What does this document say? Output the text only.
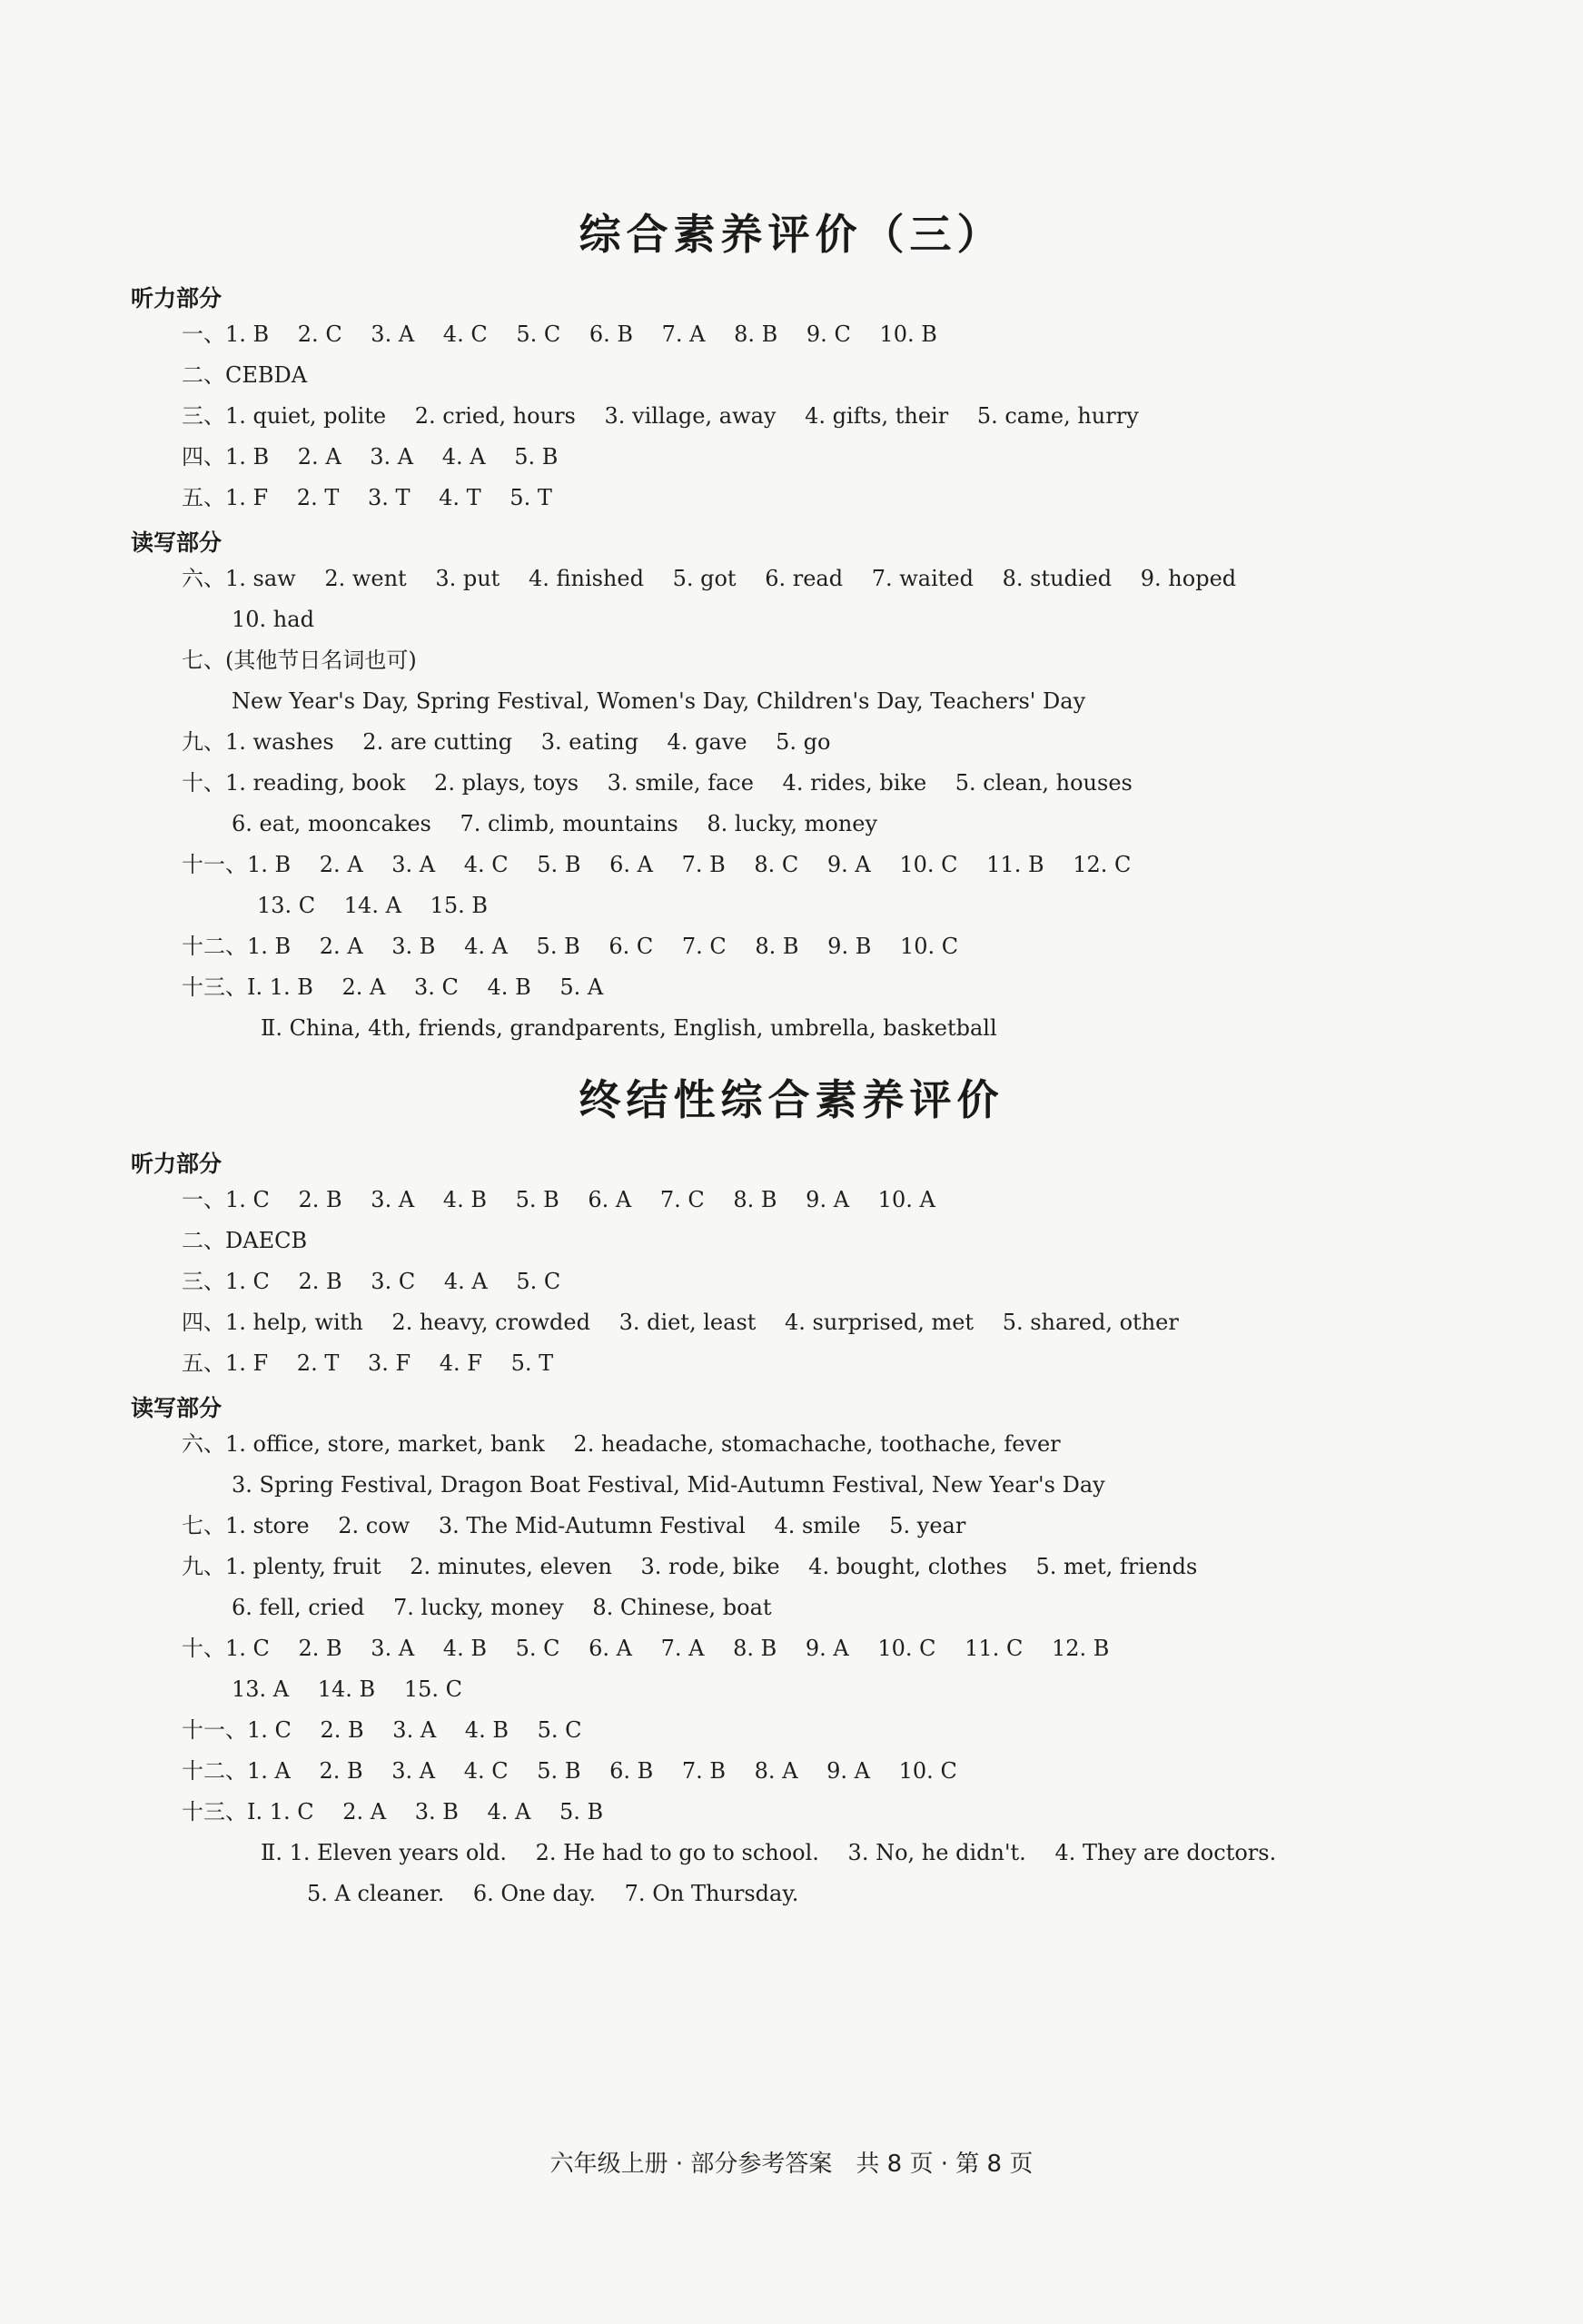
综合素养评价（三）
听力部分
一、1. B　 2. C　 3. A　 4. C　 5. C　 6. B　 7. A　 8. B　 9. C　 10. B
二、CEBDA
三、1. quiet, polite　 2. cried, hours　 3. village, away　 4. gifts, their　 5. came, hurry
四、1. B　 2. A　 3. A　 4. A　 5. B
五、1. F　 2. T　 3. T　 4. T　 5. T
读写部分
六、1. saw　 2. went　 3. put　 4. finished　 5. got　 6. read　 7. waited　 8. studied　 9. hoped
10. had
七、(其他节日名词也可)
New Year's Day, Spring Festival, Women's Day, Children's Day, Teachers' Day
九、1. washes　 2. are cutting　 3. eating　 4. gave　 5. go
十、1. reading, book　 2. plays, toys　 3. smile, face　 4. rides, bike　 5. clean, houses
6. eat, mooncakes　 7. climb, mountains　 8. lucky, money
十一、1. B　 2. A　 3. A　 4. C　 5. B　 6. A　 7. B　 8. C　 9. A　 10. C　 11. B　 12. C
13. C　 14. A　 15. B
十二、1. B　 2. A　 3. B　 4. A　 5. B　 6. C　 7. C　 8. B　 9. B　 10. C
十三、Ⅰ. 1. B　 2. A　 3. C　 4. B　 5. A
Ⅱ. China, 4th, friends, grandparents, English, umbrella, basketball
终结性综合素养评价
听力部分
一、1. C　 2. B　 3. A　 4. B　 5. B　 6. A　 7. C　 8. B　 9. A　 10. A
二、DAECB
三、1. C　 2. B　 3. C　 4. A　 5. C
四、1. help, with　 2. heavy, crowded　 3. diet, least　 4. surprised, met　 5. shared, other
五、1. F　 2. T　 3. F　 4. F　 5. T
读写部分
六、1. office, store, market, bank　 2. headache, stomachache, toothache, fever
3. Spring Festival, Dragon Boat Festival, Mid-Autumn Festival, New Year's Day
七、1. store　 2. cow　 3. The Mid-Autumn Festival　 4. smile　 5. year
九、1. plenty, fruit　 2. minutes, eleven　 3. rode, bike　 4. bought, clothes　 5. met, friends
6. fell, cried　 7. lucky, money　 8. Chinese, boat
十、1. C　 2. B　 3. A　 4. B　 5. C　 6. A　 7. A　 8. B　 9. A　 10. C　 11. C　 12. B
13. A　 14. B　 15. C
十一、1. C　 2. B　 3. A　 4. B　 5. C
十二、1. A　 2. B　 3. A　 4. C　 5. B　 6. B　 7. B　 8. A　 9. A　 10. C
十三、Ⅰ. 1. C　 2. A　 3. B　 4. A　 5. B
Ⅱ. 1. Eleven years old.　 2. He had to go to school.　 3. No, he didn't.　 4. They are doctors.
5. A cleaner.　 6. One day.　 7. On Thursday.
六年级上册 · 部分参考答案　共 8 页 · 第 8 页
